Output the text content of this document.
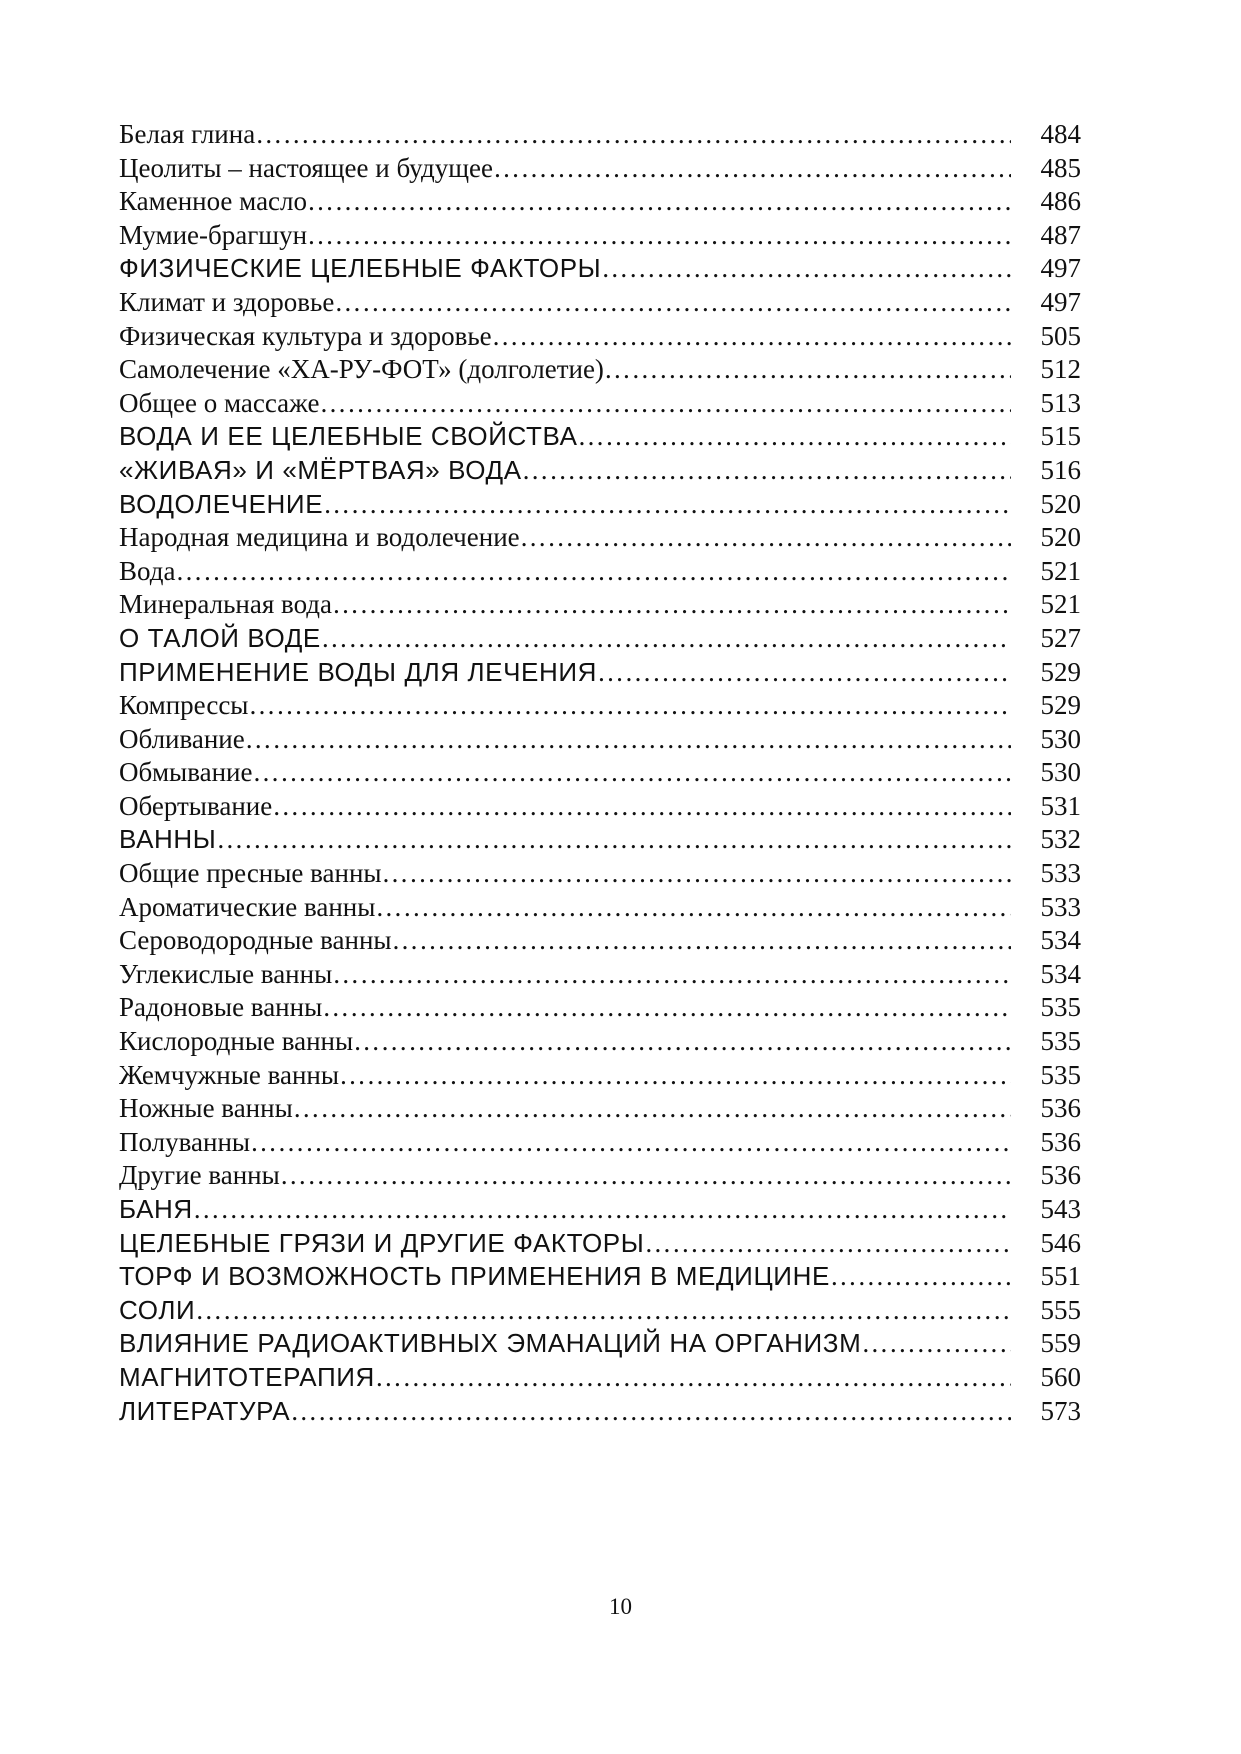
Белая глина ………………………………………………………………………………………………………………………………………………………………………………………………………………………………………………………………………………………………	484
Цеолиты – настоящее и будущее ………………………………………………………………………………………………………………………………………………………………………………………………………………………………………………………………………………………………	485
Каменное масло ………………………………………………………………………………………………………………………………………………………………………………………………………………………………………………………………………………………………	486
Мумие-брагшун ………………………………………………………………………………………………………………………………………………………………………………………………………………………………………………………………………………………………	487
ФИЗИЧЕСКИЕ ЦЕЛЕБНЫЕ ФАКТОРЫ ………………………………………………………………………………………………………………………………………………………………………………………………………………………………………………………………………………………………	497
Климат и здоровье ………………………………………………………………………………………………………………………………………………………………………………………………………………………………………………………………………………………………	497
Физическая культура и здоровье ………………………………………………………………………………………………………………………………………………………………………………………………………………………………………………………………………………………………	505
Самолечение «ХА-РУ-ФОТ» (долголетие) ………………………………………………………………………………………………………………………………………………………………………………………………………………………………………………………………………………………………	512
Общее о массаже ………………………………………………………………………………………………………………………………………………………………………………………………………………………………………………………………………………………………	513
ВОДА И ЕЕ ЦЕЛЕБНЫЕ СВОЙСТВА ………………………………………………………………………………………………………………………………………………………………………………………………………………………………………………………………………………………………	515
«ЖИВАЯ» И «МЁРТВАЯ» ВОДА ………………………………………………………………………………………………………………………………………………………………………………………………………………………………………………………………………………………………	516
ВОДОЛЕЧЕНИЕ ………………………………………………………………………………………………………………………………………………………………………………………………………………………………………………………………………………………………	520
Народная медицина и водолечение ………………………………………………………………………………………………………………………………………………………………………………………………………………………………………………………………………………………………	520
Вода ………………………………………………………………………………………………………………………………………………………………………………………………………………………………………………………………………………………………	521
Минеральная вода ………………………………………………………………………………………………………………………………………………………………………………………………………………………………………………………………………………………………	521
О ТАЛОЙ ВОДЕ ………………………………………………………………………………………………………………………………………………………………………………………………………………………………………………………………………………………………	527
ПРИМЕНЕНИЕ ВОДЫ ДЛЯ ЛЕЧЕНИЯ ………………………………………………………………………………………………………………………………………………………………………………………………………………………………………………………………………………………………	529
Компрессы ………………………………………………………………………………………………………………………………………………………………………………………………………………………………………………………………………………………………	529
Обливание ………………………………………………………………………………………………………………………………………………………………………………………………………………………………………………………………………………………………	530
Обмывание ………………………………………………………………………………………………………………………………………………………………………………………………………………………………………………………………………………………………	530
Обертывание ………………………………………………………………………………………………………………………………………………………………………………………………………………………………………………………………………………………………	531
ВАННЫ ………………………………………………………………………………………………………………………………………………………………………………………………………………………………………………………………………………………………	532
Общие пресные ванны ………………………………………………………………………………………………………………………………………………………………………………………………………………………………………………………………………………………………	533
Ароматические ванны ………………………………………………………………………………………………………………………………………………………………………………………………………………………………………………………………………………………………	533
Сероводородные ванны ………………………………………………………………………………………………………………………………………………………………………………………………………………………………………………………………………………………………	534
Углекислые ванны ………………………………………………………………………………………………………………………………………………………………………………………………………………………………………………………………………………………………	534
Радоновые ванны ………………………………………………………………………………………………………………………………………………………………………………………………………………………………………………………………………………………………	535
Кислородные ванны ………………………………………………………………………………………………………………………………………………………………………………………………………………………………………………………………………………………………	535
Жемчужные ванны ………………………………………………………………………………………………………………………………………………………………………………………………………………………………………………………………………………………………	535
Ножные ванны ………………………………………………………………………………………………………………………………………………………………………………………………………………………………………………………………………………………………	536
Полуванны ………………………………………………………………………………………………………………………………………………………………………………………………………………………………………………………………………………………………	536
Другие ванны ………………………………………………………………………………………………………………………………………………………………………………………………………………………………………………………………………………………………	536
БАНЯ ………………………………………………………………………………………………………………………………………………………………………………………………………………………………………………………………………………………………	543
ЦЕЛЕБНЫЕ ГРЯЗИ И ДРУГИЕ ФАКТОРЫ ………………………………………………………………………………………………………………………………………………………………………………………………………………………………………………………………………………………………	546
ТОРФ И ВОЗМОЖНОСТЬ ПРИМЕНЕНИЯ В МЕДИЦИНЕ ………………………………………………………………………………………………………………………………………………………………………………………………………………………………………………………………………………………………	551
СОЛИ ………………………………………………………………………………………………………………………………………………………………………………………………………………………………………………………………………………………………	555
ВЛИЯНИЕ РАДИОАКТИВНЫХ ЭМАНАЦИЙ НА ОРГАНИЗМ ………………………………………………………………………………………………………………………………………………………………………………………………………………………………………………………………………………………………	559
МАГНИТОТЕРАПИЯ ………………………………………………………………………………………………………………………………………………………………………………………………………………………………………………………………………………………………	560
ЛИТЕРАТУРА ………………………………………………………………………………………………………………………………………………………………………………………………………………………………………………………………………………………………	573
10
